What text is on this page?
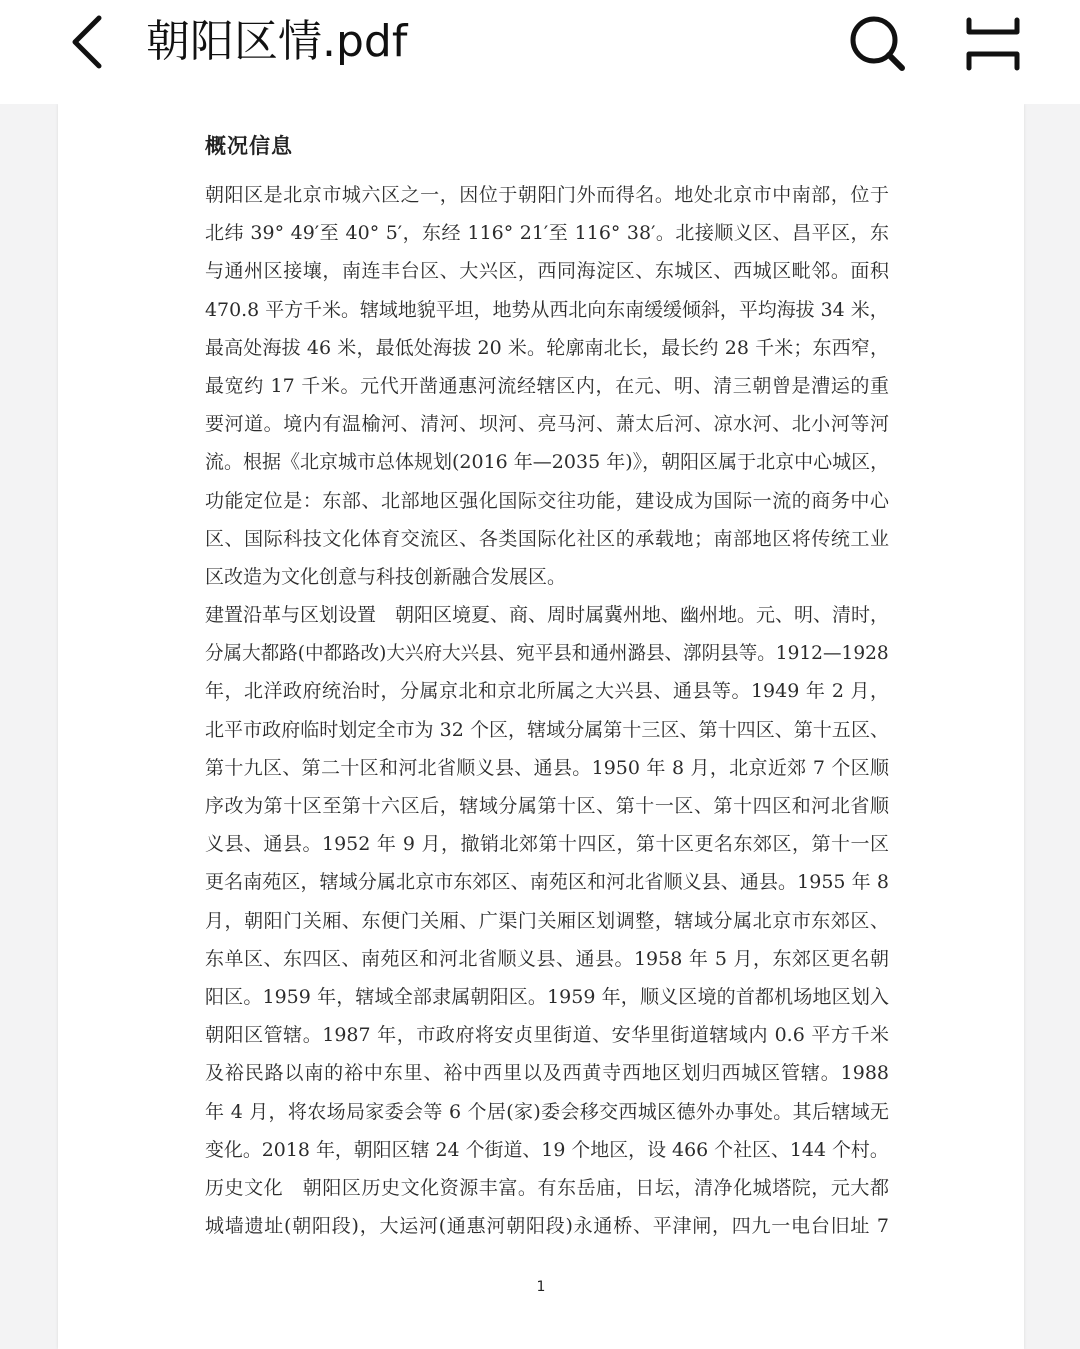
朝阳区情.pdf
概况信息
朝阳区是北京市城六区之一，因位于朝阳门外而得名。地处北京市中南部，位于
北纬 39° 49′至 40° 5′，东经 116° 21′至 116° 38′。北接顺义区、昌平区，东
与通州区接壤，南连丰台区、大兴区，西同海淀区、东城区、西城区毗邻。面积
470.8 平方千米。辖域地貌平坦，地势从西北向东南缓缓倾斜，平均海拔 34 米，
最高处海拔 46 米，最低处海拔 20 米。轮廓南北长，最长约 28 千米；东西窄，
最宽约 17 千米。元代开凿通惠河流经辖区内，在元、明、清三朝曾是漕运的重
要河道。境内有温榆河、清河、坝河、亮马河、萧太后河、凉水河、北小河等河
流。根据《北京城市总体规划(2016 年—2035 年)》，朝阳区属于北京中心城区，
功能定位是：东部、北部地区强化国际交往功能，建设成为国际一流的商务中心
区、国际科技文化体育交流区、各类国际化社区的承载地；南部地区将传统工业
区改造为文化创意与科技创新融合发展区。
建置沿革与区划设置　朝阳区境夏、商、周时属冀州地、幽州地。元、明、清时，
分属大都路(中都路改)大兴府大兴县、宛平县和通州潞县、漷阴县等。1912—1928
年，北洋政府统治时，分属京北和京北所属之大兴县、通县等。1949 年 2 月，
北平市政府临时划定全市为 32 个区，辖域分属第十三区、第十四区、第十五区、
第十九区、第二十区和河北省顺义县、通县。1950 年 8 月，北京近郊 7 个区顺
序改为第十区至第十六区后，辖域分属第十区、第十一区、第十四区和河北省顺
义县、通县。1952 年 9 月，撤销北郊第十四区，第十区更名东郊区，第十一区
更名南苑区，辖域分属北京市东郊区、南苑区和河北省顺义县、通县。1955 年 8
月，朝阳门关厢、东便门关厢、广渠门关厢区划调整，辖域分属北京市东郊区、
东单区、东四区、南苑区和河北省顺义县、通县。1958 年 5 月，东郊区更名朝
阳区。1959 年，辖域全部隶属朝阳区。1959 年，顺义区境的首都机场地区划入
朝阳区管辖。1987 年，市政府将安贞里街道、安华里街道辖域内 0.6 平方千米
及裕民路以南的裕中东里、裕中西里以及西黄寺西地区划归西城区管辖。1988
年 4 月，将农场局家委会等 6 个居(家)委会移交西城区德外办事处。其后辖域无
变化。2018 年，朝阳区辖 24 个街道、19 个地区，设 466 个社区、144 个村。
历史文化　朝阳区历史文化资源丰富。有东岳庙，日坛，清净化城塔院，元大都
城墙遗址(朝阳段)，大运河(通惠河朝阳段)永通桥、平津闸，四九一电台旧址 7
1
